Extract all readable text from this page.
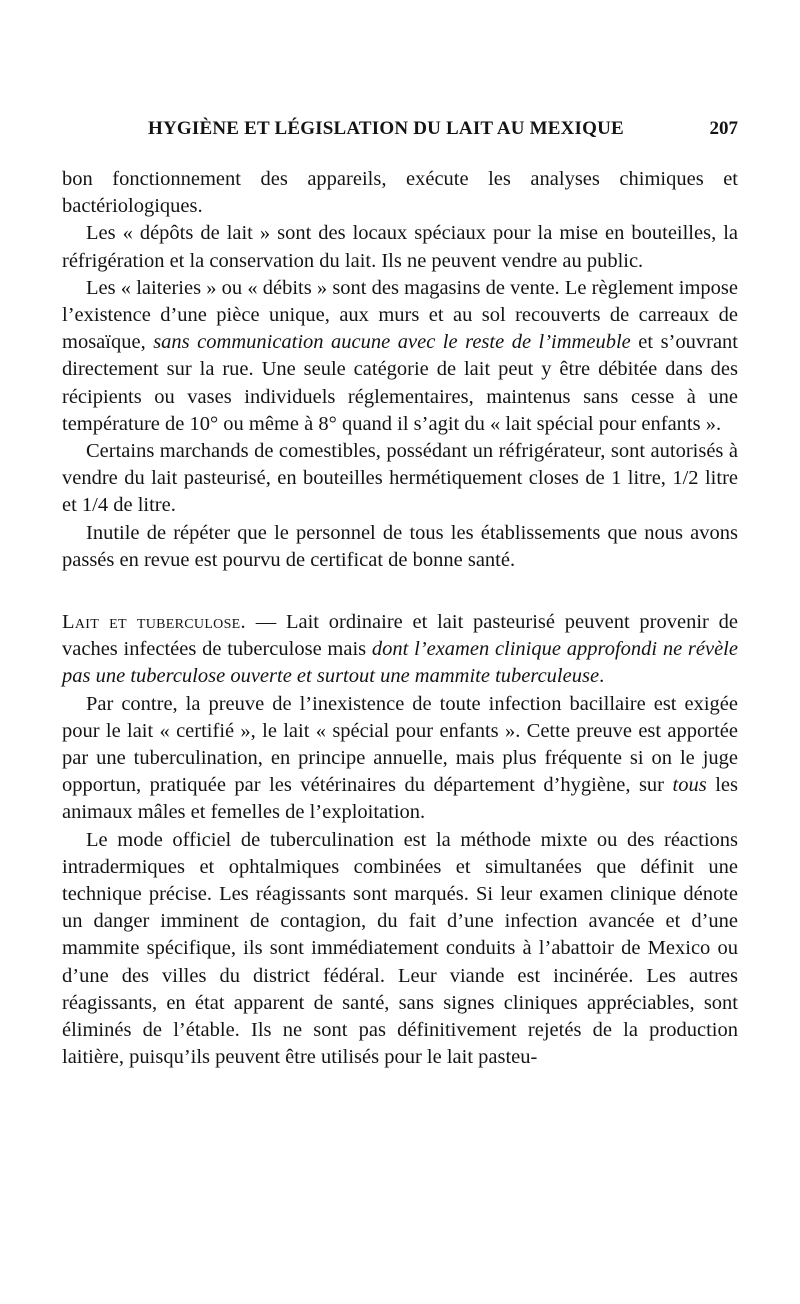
HYGIÈNE ET LÉGISLATION DU LAIT AU MEXIQUE	207

bon fonctionnement des appareils, exécute les analyses chimiques et bactériologiques.

Les « dépôts de lait » sont des locaux spéciaux pour la mise en bouteilles, la réfrigération et la conservation du lait. Ils ne peuvent vendre au public.

Les « laiteries » ou « débits » sont des magasins de vente. Le règlement impose l’existence d’une pièce unique, aux murs et au sol recouverts de carreaux de mosaïque, sans communication aucune avec le reste de l’immeuble et s’ouvrant directement sur la rue. Une seule catégorie de lait peut y être débitée dans des récipients ou vases individuels réglementaires, maintenus sans cesse à une température de 10° ou même à 8° quand il s’agit du « lait spécial pour enfants ».

Certains marchands de comestibles, possédant un réfrigérateur, sont autorisés à vendre du lait pasteurisé, en bouteilles hermétiquement closes de 1 litre, 1/2 litre et 1/4 de litre.

Inutile de répéter que le personnel de tous les établissements que nous avons passés en revue est pourvu de certificat de bonne santé.

Lait et tuberculose. — Lait ordinaire et lait pasteurisé peuvent provenir de vaches infectées de tuberculose mais dont l’examen clinique approfondi ne révèle pas une tuberculose ouverte et surtout une mammite tuberculeuse.

Par contre, la preuve de l’inexistence de toute infection bacillaire est exigée pour le lait « certifié », le lait « spécial pour enfants ». Cette preuve est apportée par une tuberculination, en principe annuelle, mais plus fréquente si on le juge opportun, pratiquée par les vétérinaires du département d’hygiène, sur tous les animaux mâles et femelles de l’exploitation.

Le mode officiel de tuberculination est la méthode mixte ou des réactions intradermiques et ophtalmiques combinées et simultanées que définit une technique précise. Les réagissants sont marqués. Si leur examen clinique dénote un danger imminent de contagion, du fait d’une infection avancée et d’une mammite spécifique, ils sont immédiatement conduits à l’abattoir de Mexico ou d’une des villes du district fédéral. Leur viande est incinérée. Les autres réagissants, en état apparent de santé, sans signes cliniques appréciables, sont éliminés de l’étable. Ils ne sont pas définitivement rejetés de la production laitière, puisqu’ils peuvent être utilisés pour le lait pasteu-
